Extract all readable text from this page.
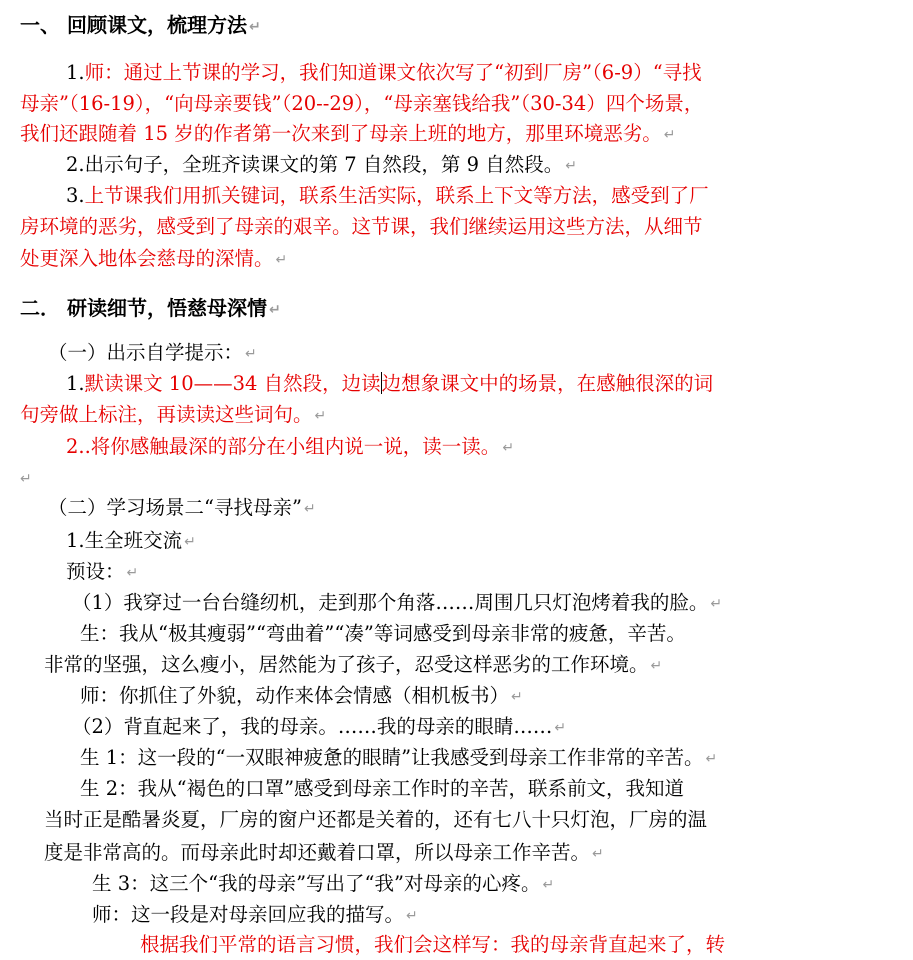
一、 回顾课文，梳理方法 ↵
1.师：通过上节课的学习，我们知道课文依次写了“初到厂房”（6-9）“寻找
母亲”（16-19），“向母亲要钱”（20--29），“母亲塞钱给我”（30-34）四个场景，
我们还跟随着 15 岁的作者第一次来到了母亲上班的地方，那里环境恶劣。 ↵
2.出示句子，全班齐读课文的第 7 自然段，第 9 自然段。 ↵
3.上节课我们用抓关键词，联系生活实际，联系上下文等方法，感受到了厂
房环境的恶劣，感受到了母亲的艰辛。这节课，我们继续运用这些方法，从细节
处更深入地体会慈母的深情。 ↵
二． 研读细节，悟慈母深情 ↵
（一）出示自学提示： ↵
1.默读课文 10——34 自然段，边读边想象课文中的场景，在感触很深的词
句旁做上标注，再读读这些词句。 ↵
2..将你感触最深的部分在小组内说一说，读一读。 ↵
↵
（二）学习场景二“寻找母亲” ↵
1.生全班交流 ↵
预设： ↵
（1）我穿过一台台缝纫机，走到那个角落……周围几只灯泡烤着我的脸。 ↵
生：我从“极其瘦弱”“弯曲着”“凑”等词感受到母亲非常的疲惫，辛苦。
非常的坚强，这么瘦小，居然能为了孩子，忍受这样恶劣的工作环境。 ↵
师：你抓住了外貌，动作来体会情感（相机板书） ↵
（2）背直起来了，我的母亲。……我的母亲的眼睛…… ↵
生 1：这一段的“一双眼神疲惫的眼睛”让我感受到母亲工作非常的辛苦。 ↵
生 2：我从“褐色的口罩”感受到母亲工作时的辛苦，联系前文，我知道
当时正是酷暑炎夏，厂房的窗户还都是关着的，还有七八十只灯泡，厂房的温
度是非常高的。而母亲此时却还戴着口罩，所以母亲工作辛苦。 ↵
生 3：这三个“我的母亲”写出了“我”对母亲的心疼。 ↵
师：这一段是对母亲回应我的描写。 ↵
根据我们平常的语言习惯，我们会这样写：我的母亲背直起来了，转
